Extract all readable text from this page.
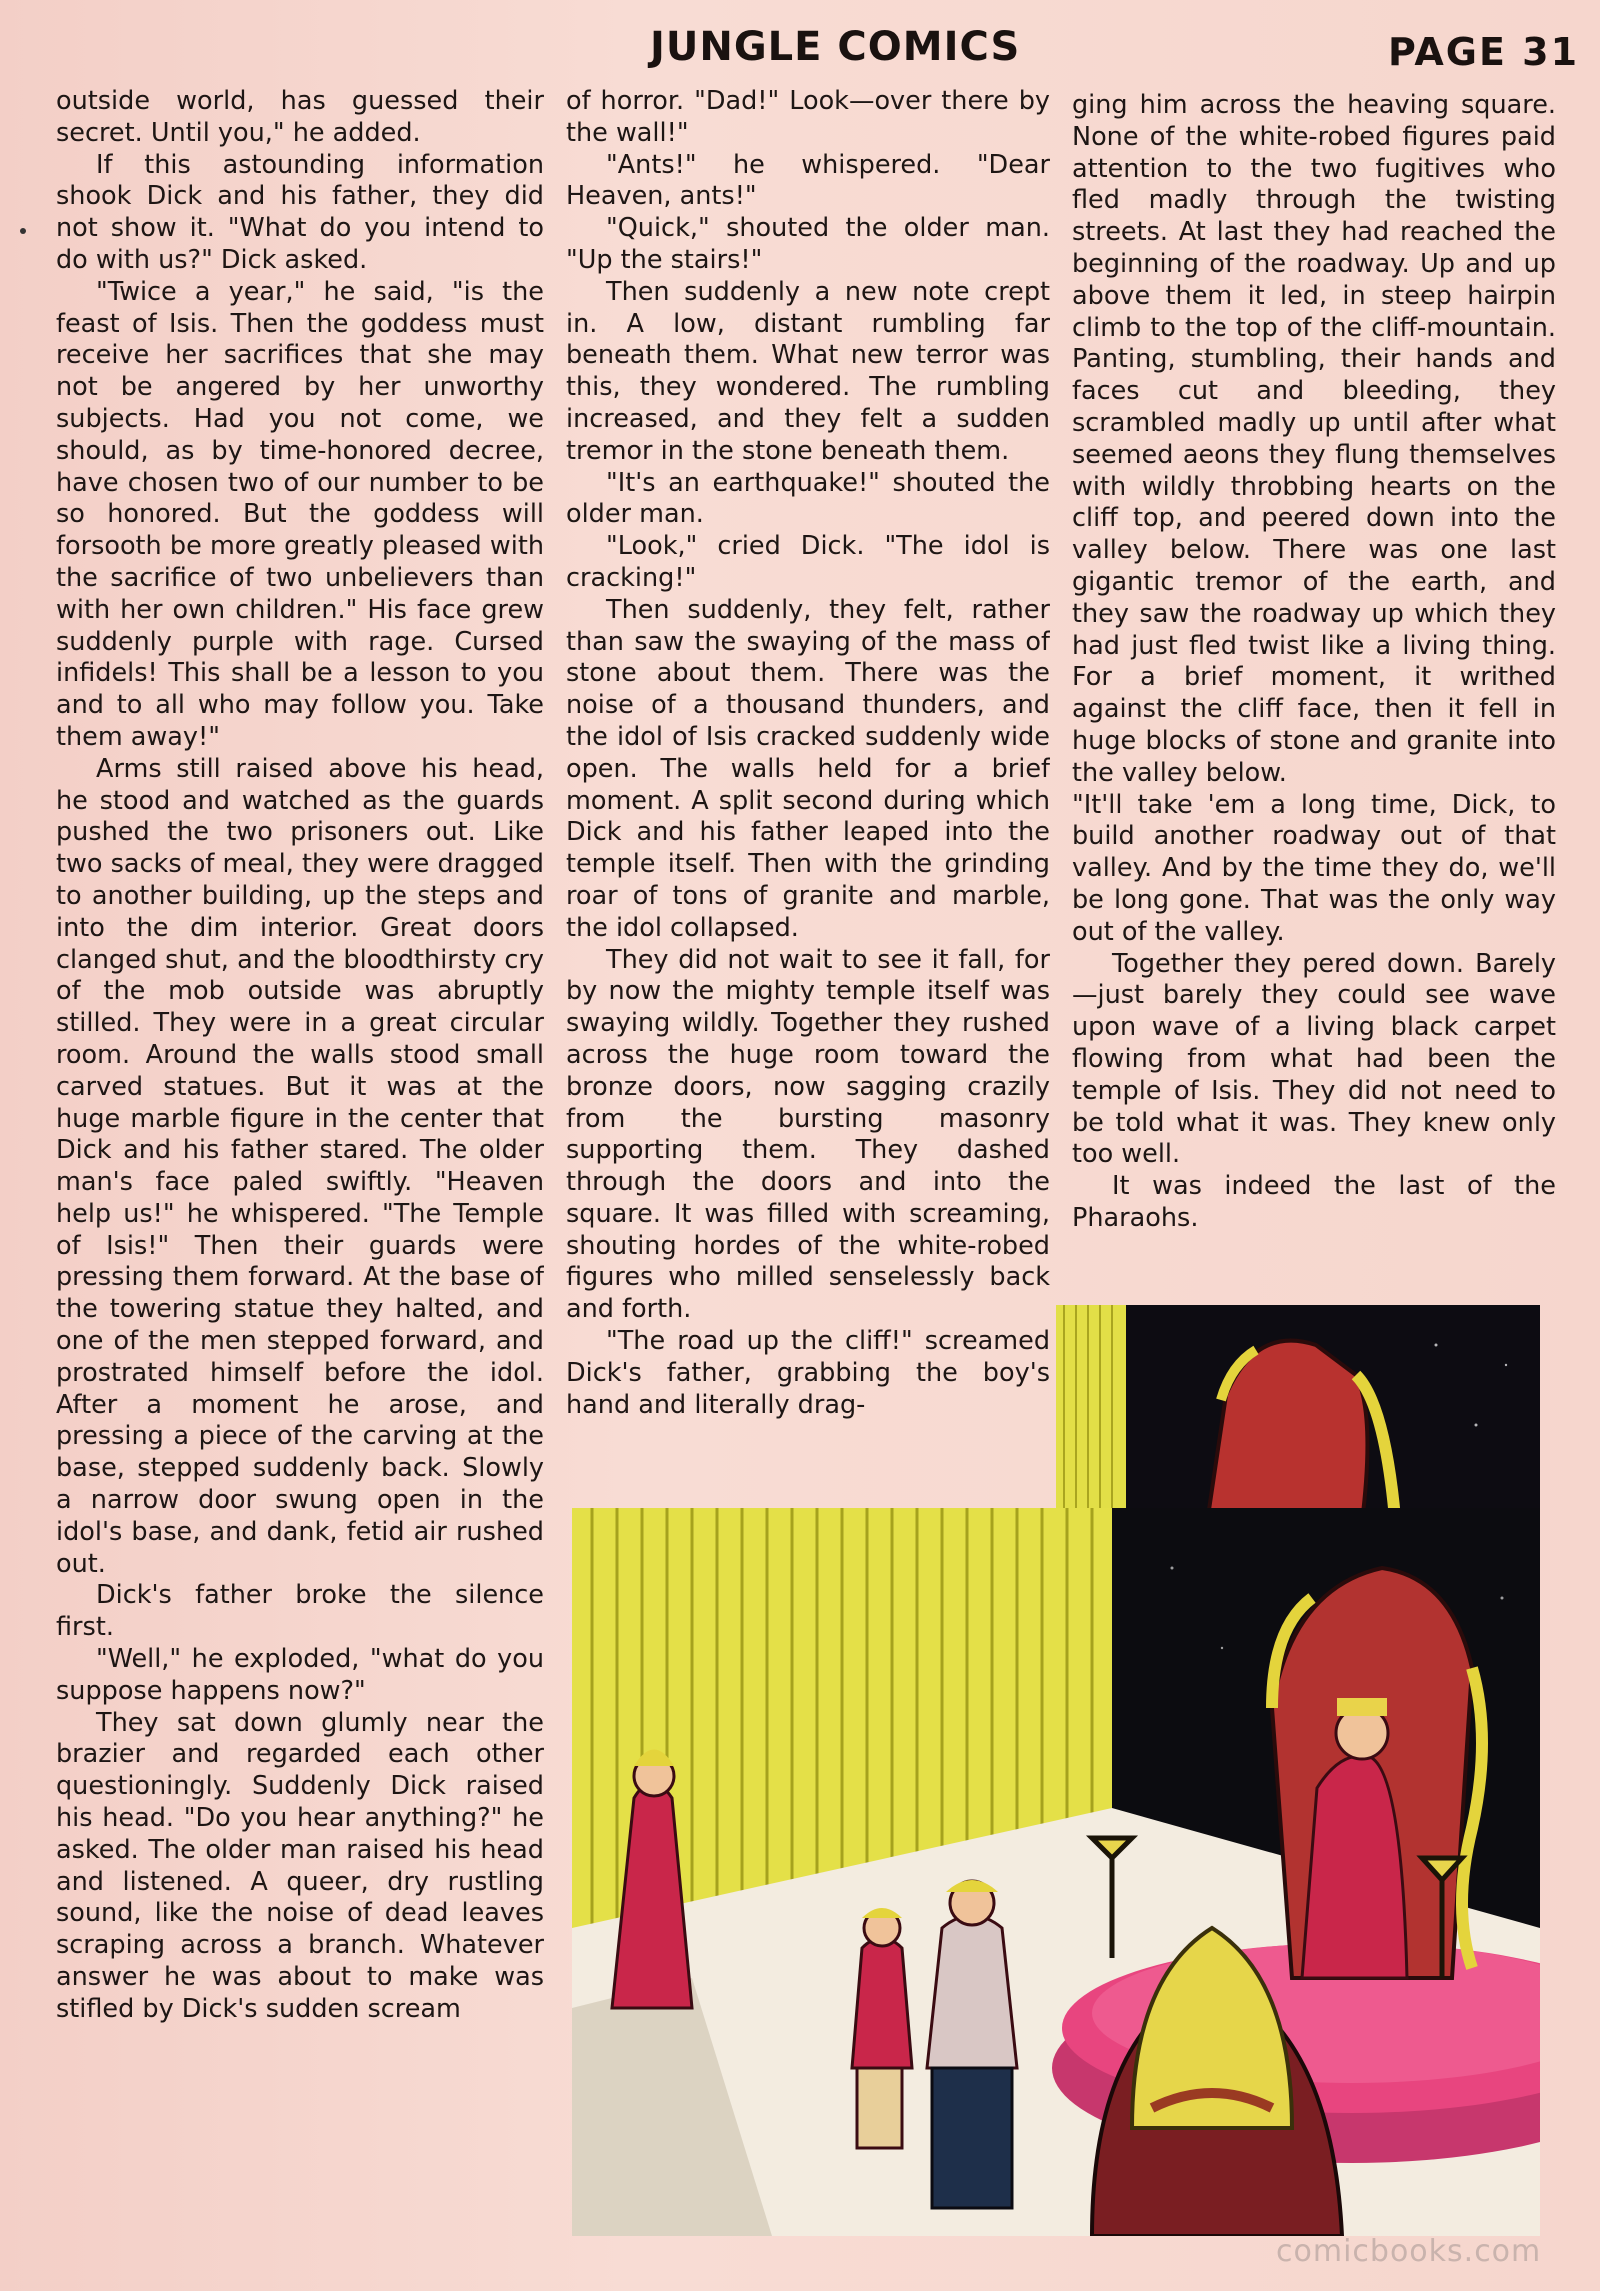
JUNGLE COMICS	PAGE 31

outside world, has guessed their secret. Until you," he added.

If this astounding information shook Dick and his father, they did not show it. "What do you intend to do with us?" Dick asked.

"Twice a year," he said, "is the feast of Isis. Then the goddess must receive her sacrifices that she may not be angered by her unworthy subjects. Had you not come, we should, as by time-honored decree, have chosen two of our number to be so honored. But the goddess will forsooth be more greatly pleased with the sacrifice of two unbelievers than with her own children." His face grew suddenly purple with rage. Cursed infidels! This shall be a lesson to you and to all who may follow you. Take them away!"

Arms still raised above his head, he stood and watched as the guards pushed the two prisoners out. Like two sacks of meal, they were dragged to another building, up the steps and into the dim interior. Great doors clanged shut, and the bloodthirsty cry of the mob outside was abruptly stilled. They were in a great circular room. Around the walls stood small carved statues. But it was at the huge marble figure in the center that Dick and his father stared. The older man's face paled swiftly. "Heaven help us!" he whispered. "The Temple of Isis!" Then their guards were pressing them forward. At the base of the towering statue they halted, and one of the men stepped forward, and prostrated himself before the idol. After a moment he arose, and pressing a piece of the carving at the base, stepped suddenly back. Slowly a narrow door swung open in the idol's base, and dank, fetid air rushed out.

Dick's father broke the silence first.

"Well," he exploded, "what do you suppose happens now?"

They sat down glumly near the brazier and regarded each other questioningly. Suddenly Dick raised his head. "Do you hear anything?" he asked. The older man raised his head and listened. A queer, dry rustling sound, like the noise of dead leaves scraping across a branch. Whatever answer he was about to make was stifled by Dick's sudden scream

of horror. "Dad!" Look—over there by the wall!"

"Ants!" he whispered. "Dear Heaven, ants!"

"Quick," shouted the older man. "Up the stairs!"

Then suddenly a new note crept in. A low, distant rumbling far beneath them. What new terror was this, they wondered. The rumbling increased, and they felt a sudden tremor in the stone beneath them.

"It's an earthquake!" shouted the older man.

"Look," cried Dick. "The idol is cracking!"

Then suddenly, they felt, rather than saw the swaying of the mass of stone about them. There was the noise of a thousand thunders, and the idol of Isis cracked suddenly wide open. The walls held for a brief moment. A split second during which Dick and his father leaped into the temple itself. Then with the grinding roar of tons of granite and marble, the idol collapsed.

They did not wait to see it fall, for by now the mighty temple itself was swaying wildly. Together they rushed across the huge room toward the bronze doors, now sagging crazily from the bursting masonry supporting them. They dashed through the doors and into the square. It was filled with screaming, shouting hordes of the white-robed figures who milled senselessly back and forth.

"The road up the cliff!" screamed Dick's father, grabbing the boy's hand and literally drag-

ging him across the heaving square. None of the white-robed figures paid attention to the two fugitives who fled madly through the twisting streets. At last they had reached the beginning of the roadway. Up and up above them it led, in steep hairpin climb to the top of the cliff-mountain. Panting, stumbling, their hands and faces cut and bleeding, they scrambled madly up until after what seemed aeons they flung themselves with wildly throbbing hearts on the cliff top, and peered down into the valley below. There was one last gigantic tremor of the earth, and they saw the roadway up which they had just fled twist like a living thing. For a brief moment, it writhed against the cliff face, then it fell in huge blocks of stone and granite into the valley below.

"It'll take 'em a long time, Dick, to build another roadway out of that valley. And by the time they do, we'll be long gone. That was the only way out of the valley.

Together they pered down. Barely—just barely they could see wave upon wave of a living black carpet flowing from what had been the temple of Isis. They did not need to be told what it was. They knew only too well.

It was indeed the last of the Pharaohs.

comicbooks.com
